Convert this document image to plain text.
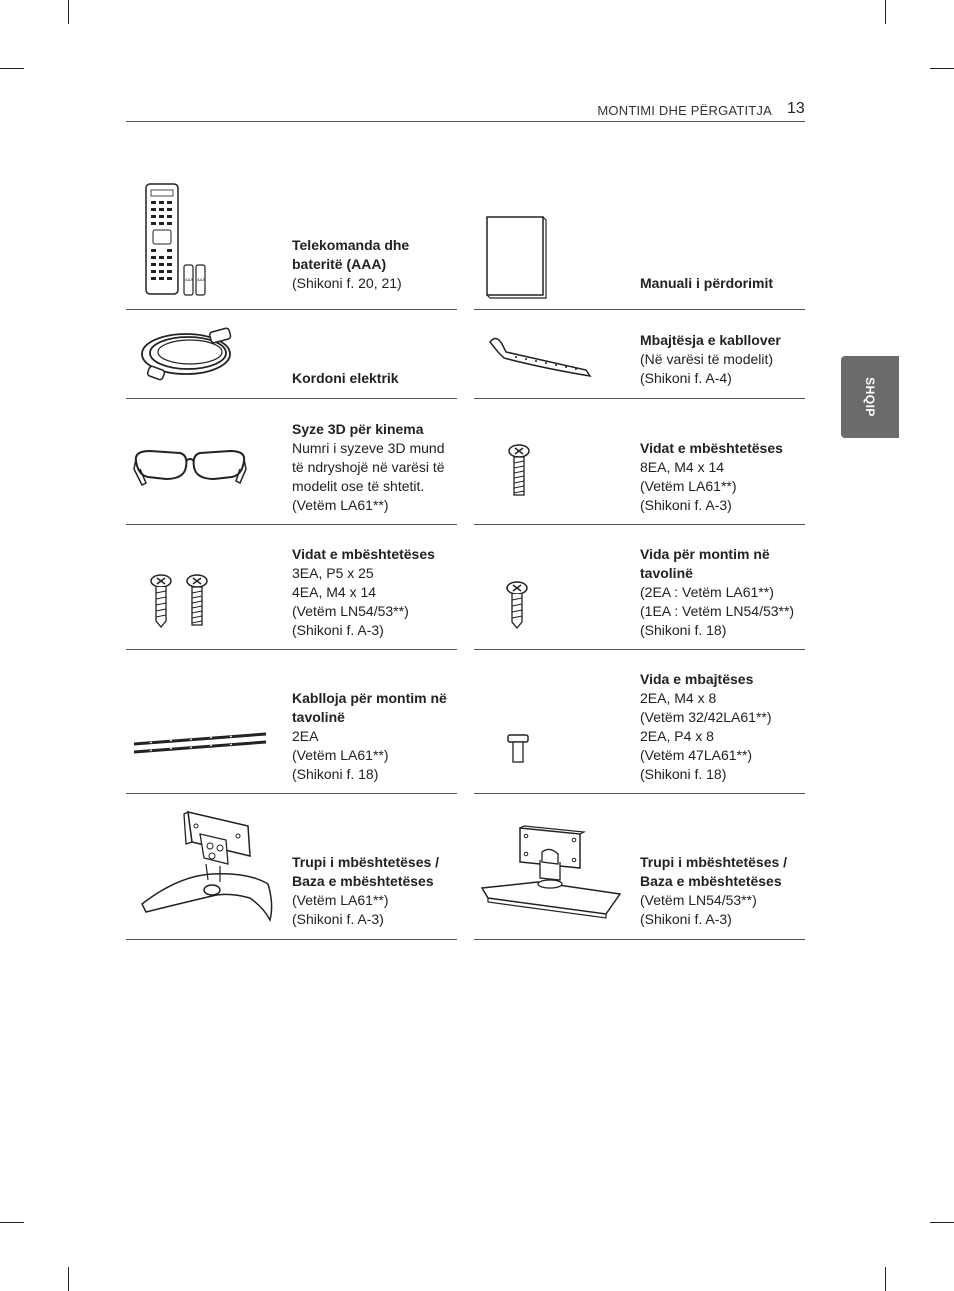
MONTIMI DHE PËRGATITJA 13
SHQIP
AAA AAA
Telekomanda dhe
bateritë (AAA)
(Shikoni f. 20, 21)	Manuali i përdorimit
Kordoni elektrik
Mbajtësja e kabllover
(Në varësi të modelit)
(Shikoni f. A-4)
Syze 3D për kinema
Numri i syzeve 3D mund
të ndryshojë në varësi të
modelit ose të shtetit.
(Vetëm LA61**)
Vidat e mbështetëses
8EA, M4 x 14
(Vetëm LA61**)
(Shikoni f. A-3)
Vidat e mbështetëses
3EA, P5 x 25
4EA, M4 x 14
(Vetëm LN54/53**)
(Shikoni f. A-3)
Vida për montim në
tavolinë
(2EA : Vetëm LA61**)
(1EA : Vetëm LN54/53**)
(Shikoni f. 18)
Kablloja për montim në
tavolinë
2EA
(Vetëm LA61**)
(Shikoni f. 18)
Vida e mbajtëses
2EA, M4 x 8
(Vetëm 32/42LA61**)
2EA, P4 x 8
(Vetëm 47LA61**)
(Shikoni f. 18)
Trupi i mbështetëses /
Baza e mbështetëses
(Vetëm LA61**)
(Shikoni f. A-3)
Trupi i mbështetëses /
Baza e mbështetëses
(Vetëm LN54/53**)
(Shikoni f. A-3)
